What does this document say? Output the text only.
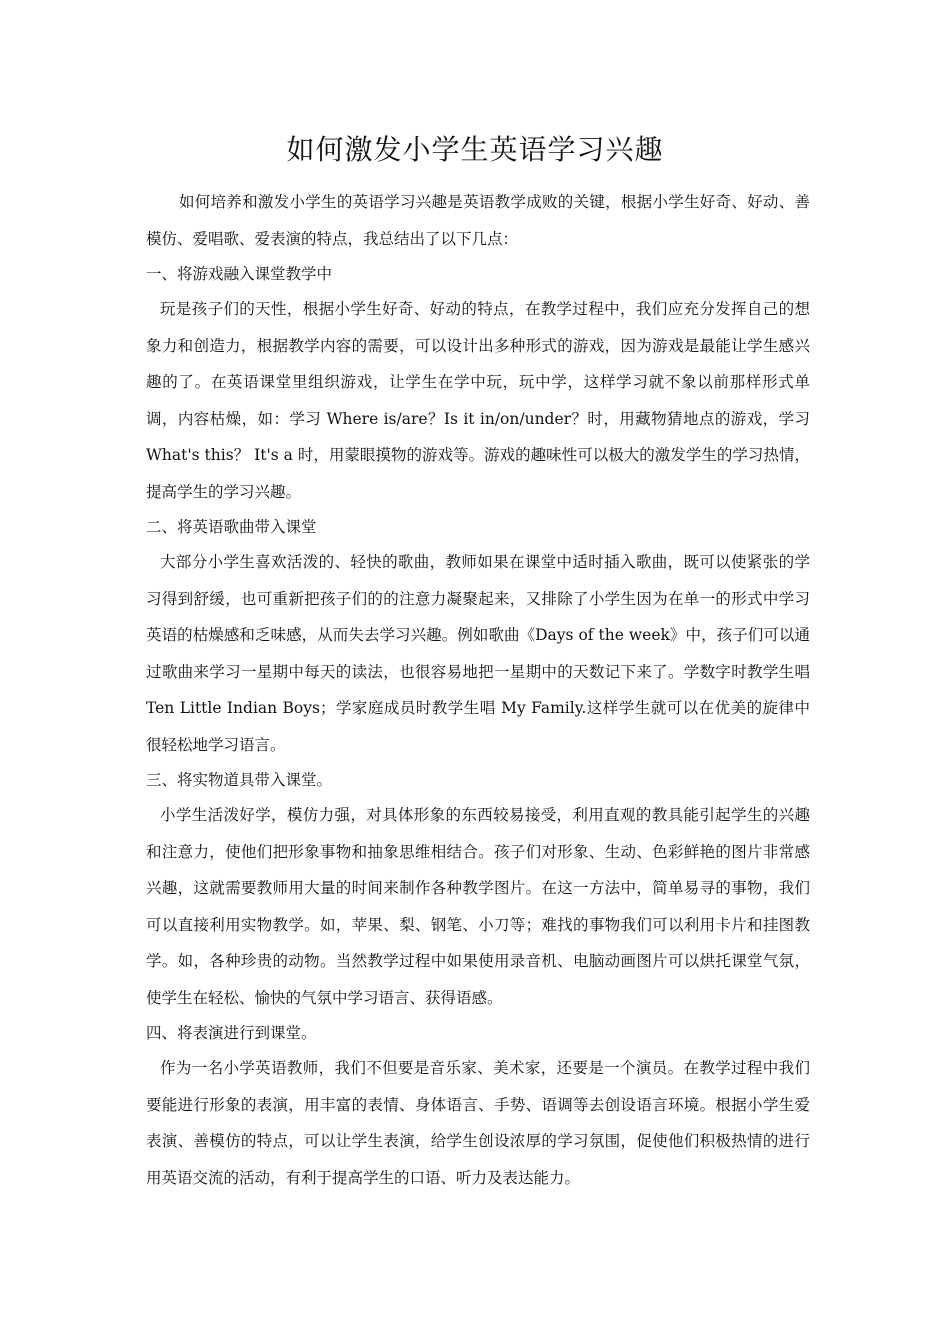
如何激发小学生英语学习兴趣

如何培养和激发小学生的英语学习兴趣是英语教学成败的关键，根据小学生好奇、好动、善模仿、爱唱歌、爱表演的特点，我总结出了以下几点：

一、将游戏融入课堂教学中

玩是孩子们的天性，根据小学生好奇、好动的特点，在教学过程中，我们应充分发挥自己的想象力和创造力，根据教学内容的需要，可以设计出多种形式的游戏，因为游戏是最能让学生感兴趣的了。在英语课堂里组织游戏，让学生在学中玩，玩中学，这样学习就不象以前那样形式单调，内容枯燥，如：学习 Where is/are？Is it in/on/under？时，用藏物猜地点的游戏，学习 What's this？ It's a 时，用蒙眼摸物的游戏等。游戏的趣味性可以极大的激发学生的学习热情，提高学生的学习兴趣。

二、将英语歌曲带入课堂

大部分小学生喜欢活泼的、轻快的歌曲，教师如果在课堂中适时插入歌曲，既可以使紧张的学习得到舒缓，也可重新把孩子们的的注意力凝聚起来，又排除了小学生因为在单一的形式中学习英语的枯燥感和乏味感，从而失去学习兴趣。例如歌曲《Days of the week》中，孩子们可以通过歌曲来学习一星期中每天的读法，也很容易地把一星期中的天数记下来了。学数字时教学生唱 Ten Little Indian Boys；学家庭成员时教学生唱 My Family.这样学生就可以在优美的旋律中很轻松地学习语言。

三、将实物道具带入课堂。

小学生活泼好学，模仿力强，对具体形象的东西较易接受，利用直观的教具能引起学生的兴趣和注意力，使他们把形象事物和抽象思维相结合。孩子们对形象、生动、色彩鲜艳的图片非常感兴趣，这就需要教师用大量的时间来制作各种教学图片。在这一方法中，简单易寻的事物，我们可以直接利用实物教学。如，苹果、梨、钢笔、小刀等；难找的事物我们可以利用卡片和挂图教学。如，各种珍贵的动物。当然教学过程中如果使用录音机、电脑动画图片可以烘托课堂气氛，使学生在轻松、愉快的气氛中学习语言、获得语感。

四、将表演进行到课堂。

作为一名小学英语教师，我们不但要是音乐家、美术家，还要是一个演员。在教学过程中我们要能进行形象的表演，用丰富的表情、身体语言、手势、语调等去创设语言环境。根据小学生爱表演、善模仿的特点，可以让学生表演，给学生创设浓厚的学习氛围，促使他们积极热情的进行用英语交流的活动，有利于提高学生的口语、听力及表达能力。
